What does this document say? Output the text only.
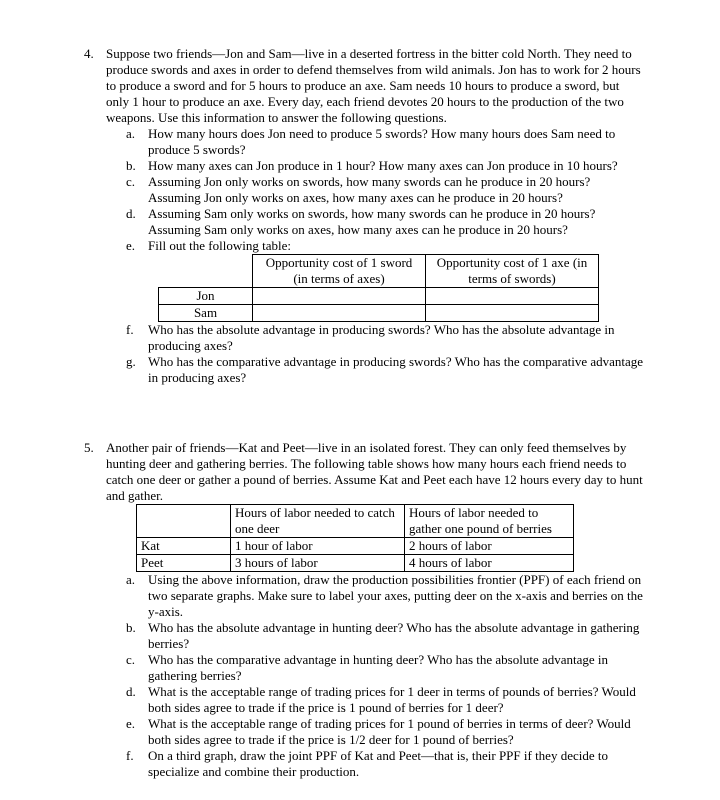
4. Suppose two friends—Jon and Sam—live in a deserted fortress in the bitter cold North. They need to produce swords and axes in order to defend themselves from wild animals. Jon has to work for 2 hours to produce a sword and for 5 hours to produce an axe. Sam needs 10 hours to produce a sword, but only 1 hour to produce an axe. Every day, each friend devotes 20 hours to the production of the two weapons. Use this information to answer the following questions.
a. How many hours does Jon need to produce 5 swords? How many hours does Sam need to produce 5 swords?
b. How many axes can Jon produce in 1 hour? How many axes can Jon produce in 10 hours?
c. Assuming Jon only works on swords, how many swords can he produce in 20 hours? Assuming Jon only works on axes, how many axes can he produce in 20 hours?
d. Assuming Sam only works on swords, how many swords can he produce in 20 hours? Assuming Sam only works on axes, how many axes can he produce in 20 hours?
e. Fill out the following table:
	Opportunity cost of 1 sword (in terms of axes)	Opportunity cost of 1 axe (in terms of swords)
Jon		
Sam		
f. Who has the absolute advantage in producing swords? Who has the absolute advantage in producing axes?
g. Who has the comparative advantage in producing swords? Who has the comparative advantage in producing axes?
5. Another pair of friends—Kat and Peet—live in an isolated forest. They can only feed themselves by hunting deer and gathering berries. The following table shows how many hours each friend needs to catch one deer or gather a pound of berries. Assume Kat and Peet each have 12 hours every day to hunt and gather.
	Hours of labor needed to catch one deer	Hours of labor needed to gather one pound of berries
Kat	1 hour of labor	2 hours of labor
Peet	3 hours of labor	4 hours of labor
a. Using the above information, draw the production possibilities frontier (PPF) of each friend on two separate graphs. Make sure to label your axes, putting deer on the x-axis and berries on the y-axis.
b. Who has the absolute advantage in hunting deer? Who has the absolute advantage in gathering berries?
c. Who has the comparative advantage in hunting deer? Who has the absolute advantage in gathering berries?
d. What is the acceptable range of trading prices for 1 deer in terms of pounds of berries? Would both sides agree to trade if the price is 1 pound of berries for 1 deer?
e. What is the acceptable range of trading prices for 1 pound of berries in terms of deer? Would both sides agree to trade if the price is 1/2 deer for 1 pound of berries?
f. On a third graph, draw the joint PPF of Kat and Peet—that is, their PPF if they decide to specialize and combine their production.
